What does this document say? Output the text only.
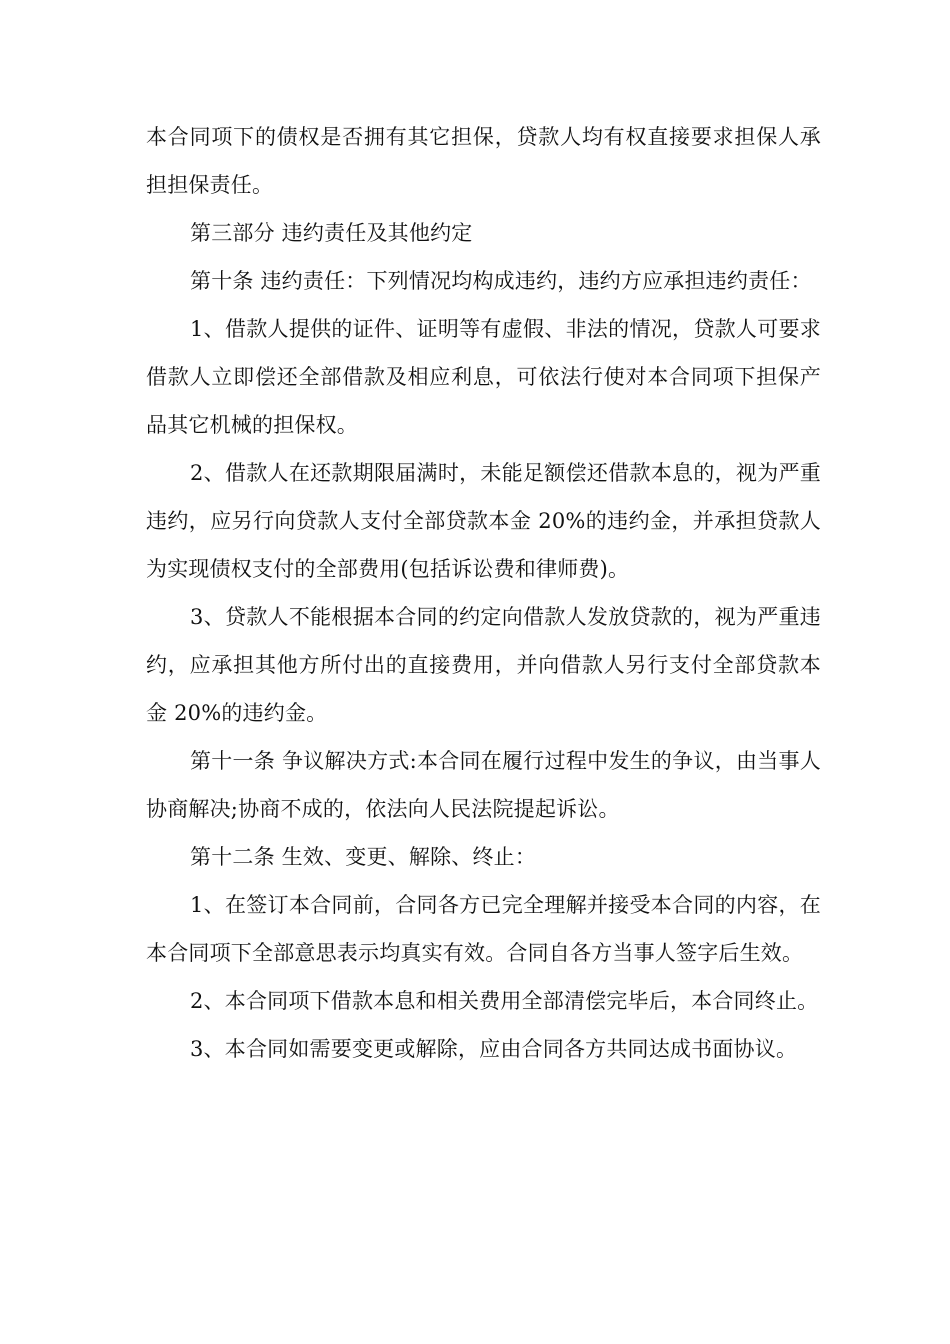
本合同项下的债权是否拥有其它担保，贷款人均有权直接要求担保人承担担保责任。

第三部分 违约责任及其他约定

第十条 违约责任：下列情况均构成违约，违约方应承担违约责任：

1、借款人提供的证件、证明等有虚假、非法的情况，贷款人可要求借款人立即偿还全部借款及相应利息，可依法行使对本合同项下担保产品其它机械的担保权。

2、借款人在还款期限届满时，未能足额偿还借款本息的，视为严重违约，应另行向贷款人支付全部贷款本金 20%的违约金，并承担贷款人为实现债权支付的全部费用(包括诉讼费和律师费)。

3、贷款人不能根据本合同的约定向借款人发放贷款的，视为严重违约，应承担其他方所付出的直接费用，并向借款人另行支付全部贷款本金 20%的违约金。

第十一条 争议解决方式:本合同在履行过程中发生的争议，由当事人协商解决;协商不成的，依法向人民法院提起诉讼。

第十二条 生效、变更、解除、终止：

1、在签订本合同前，合同各方已完全理解并接受本合同的内容，在本合同项下全部意思表示均真实有效。合同自各方当事人签字后生效。

2、本合同项下借款本息和相关费用全部清偿完毕后，本合同终止。

3、本合同如需要变更或解除，应由合同各方共同达成书面协议。
